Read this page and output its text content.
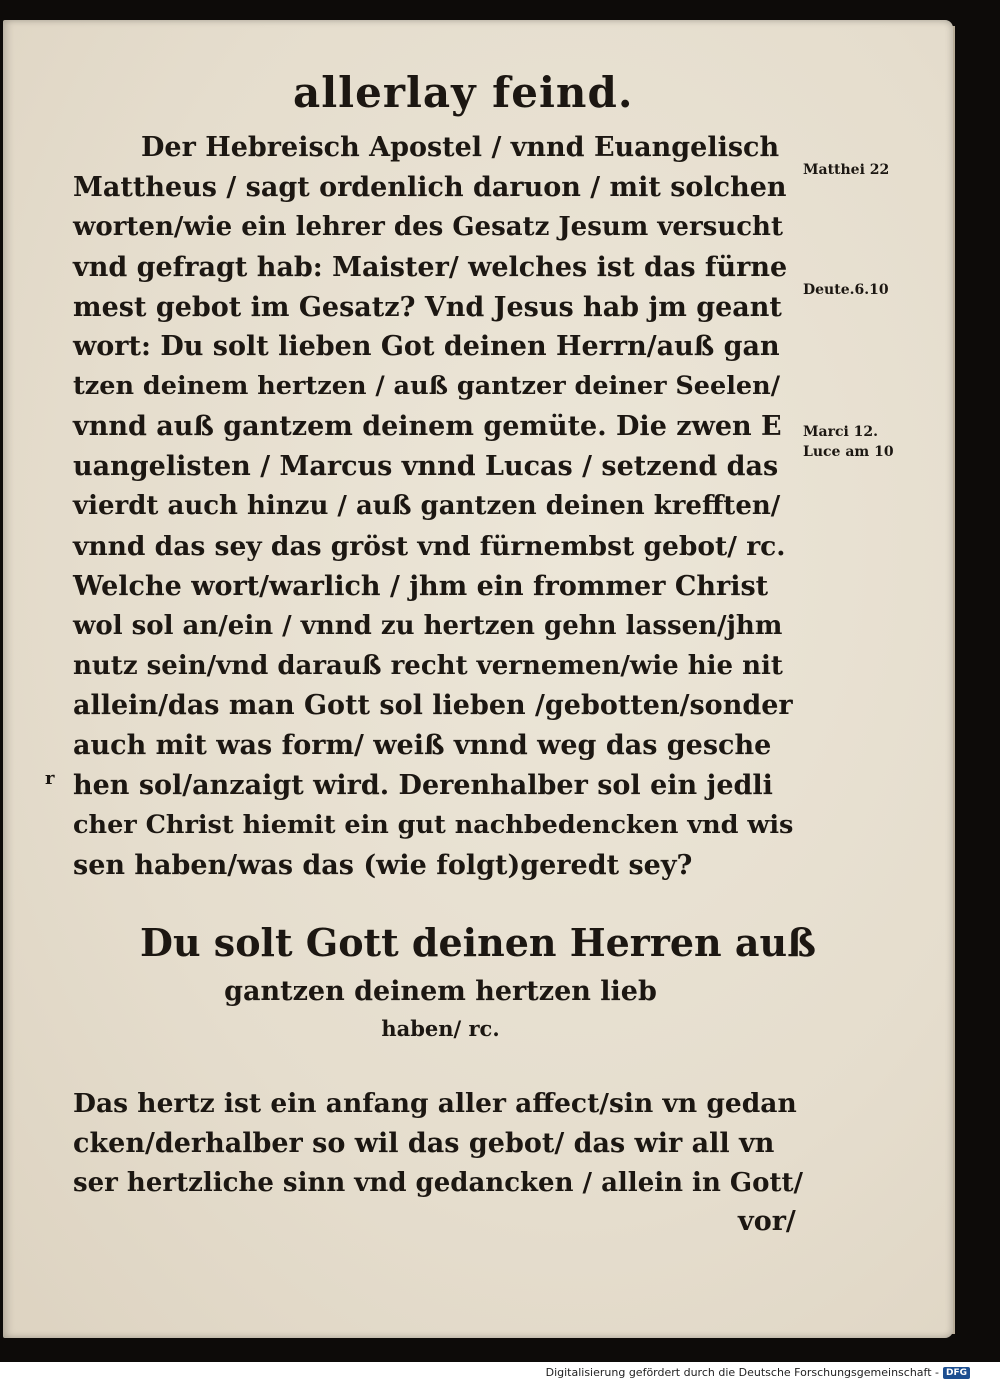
allerlay feind.
Der Hebreisch Apostel / vnnd Euangelisch
Mattheus / sagt ordenlich daruon / mit solchen
worten/wie ein lehrer des Gesatz Jesum versucht
vnd gefragt hab: Maister/ welches ist das fürne
mest gebot im Gesatz? Vnd Jesus hab jm geant
wort: Du solt lieben Got deinen Herrn/auß gan
tzen deinem hertzen / auß gantzer deiner Seelen/
vnnd auß gantzem deinem gemüte. Die zwen E
uangelisten / Marcus vnnd Lucas / setzend das
vierdt auch hinzu / auß gantzen deinen krefften/
vnnd das sey das gröst vnd fürnembst gebot/ rc.
Welche wort/warlich / jhm ein frommer Christ
wol sol an/ein / vnnd zu hertzen gehn lassen/jhm
nutz sein/vnd darauß recht vernemen/wie hie nit
allein/das man Gott sol lieben /gebotten/sonder
auch mit was form/ weiß vnnd weg das gesche
hen sol/anzaigt wird. Derenhalber sol ein jedli
cher Christ hiemit ein gut nachbedencken vnd wis
sen haben/was das (wie folgt)geredt sey?
Matthei 22
Deute.6.10
Marci 12.
Luce am 10
r
Du solt Gott deinen Herren auß
gantzen deinem hertzen lieb
haben/ rc.
Das hertz ist ein anfang aller affect/sin vn gedan
cken/derhalber so wil das gebot/ das wir all vn
ser hertzliche sinn vnd gedancken / allein in Gott/
vor/
Digitalisierung gefördert durch die Deutsche Forschungsgemeinschaft - DFG
